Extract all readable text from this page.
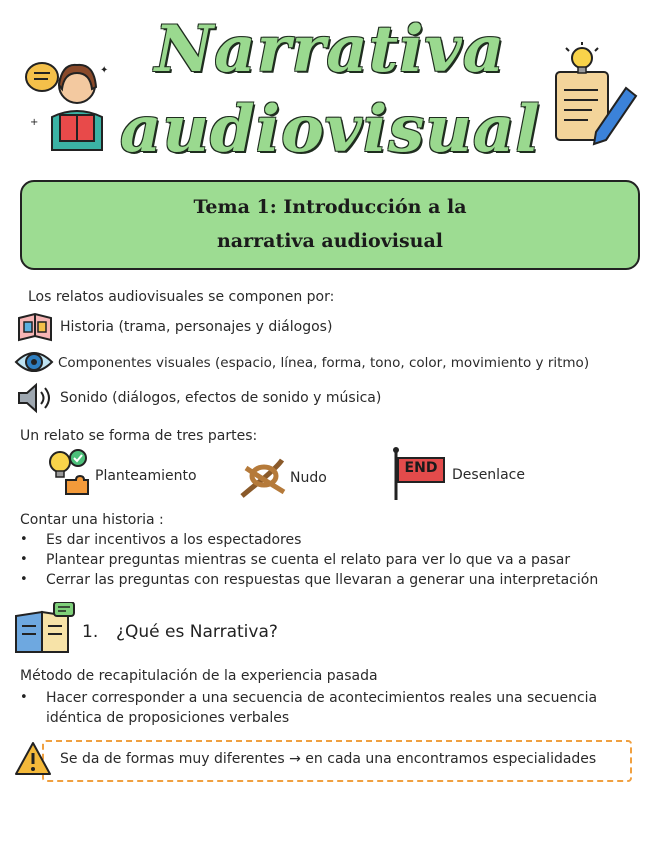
+
✦ Narrativa
audiovisual
Tema 1: Introducción a la
narrativa audiovisual
Los relatos audiovisuales se componen por:
Historia (trama, personajes y diálogos)
Componentes visuales (espacio, línea, forma, tono, color, movimiento y ritmo)
Sonido (diálogos, efectos de sonido y música)
Un relato se forma de tres partes:
Planteamiento	Nudo
END	Desenlace
Contar una historia :
• Es dar incentivos a los espectadores
• Plantear preguntas mientras se cuenta el relato para ver lo que va a pasar
• Cerrar las preguntas con respuestas que llevaran a generar una interpretación
1. ¿Qué es Narrativa?
Método de recapitulación de la experiencia pasada
• Hacer corresponder a una secuencia de acontecimientos reales una secuencia
idéntica de proposiciones verbales
Se da de formas muy diferentes → en cada una encontramos especialidades
